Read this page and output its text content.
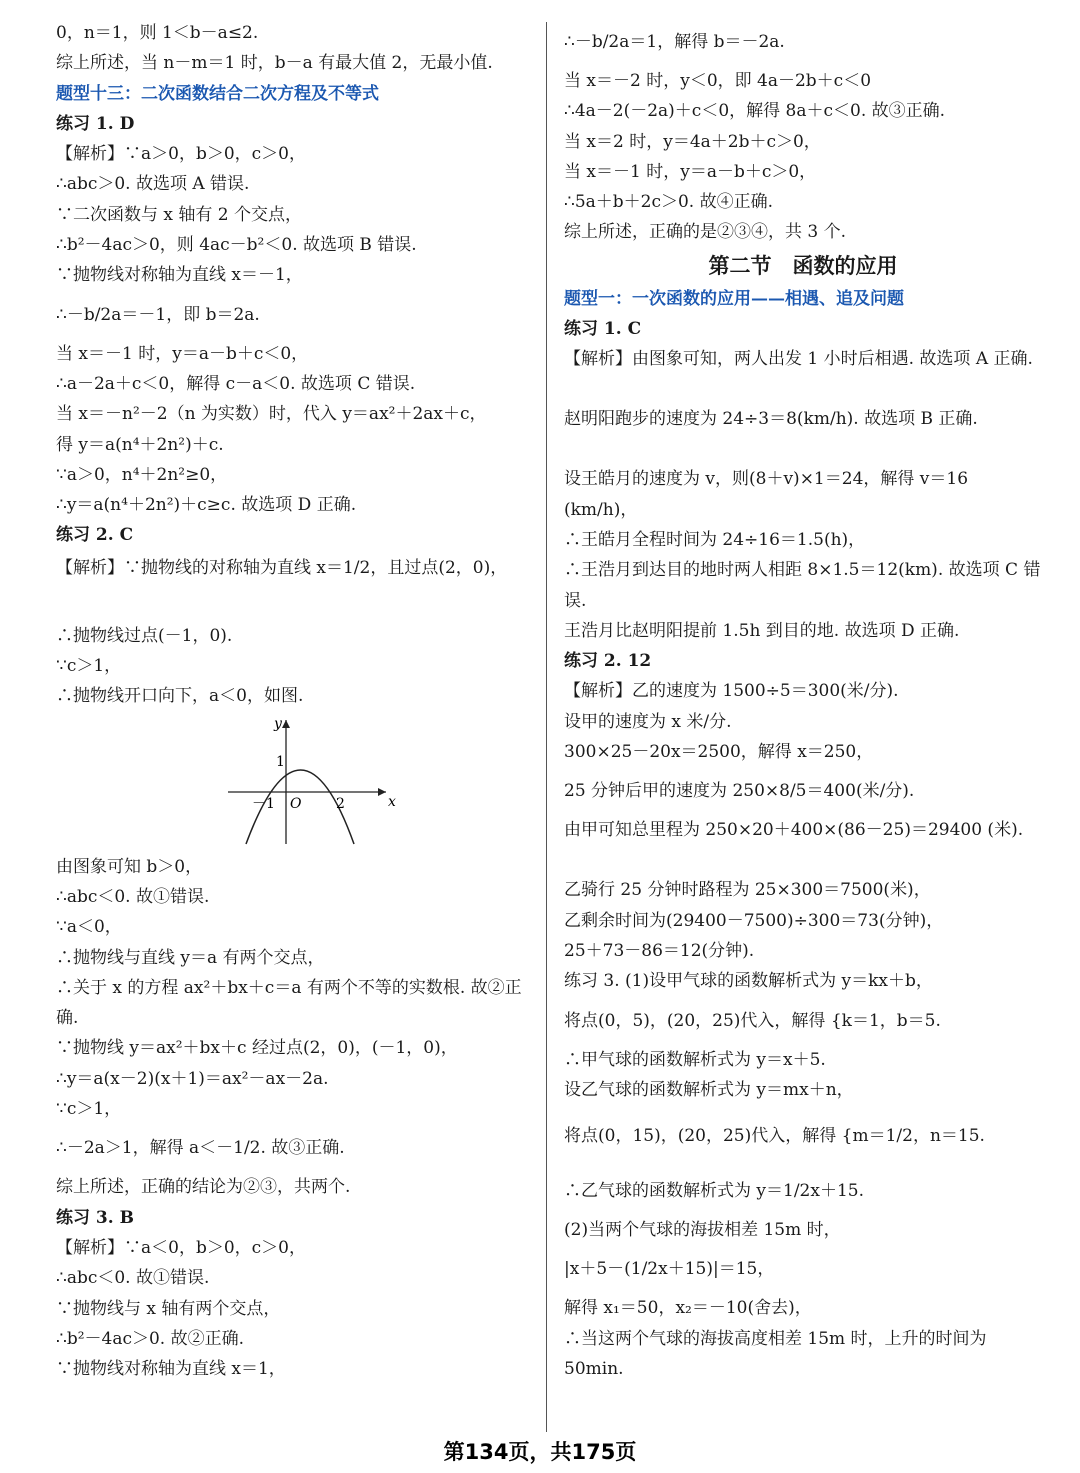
0，n＝1，则 1＜b－a≤2.
综上所述，当 n－m＝1 时，b－a 有最大值 2，无最小值.
题型十三：二次函数结合二次方程及不等式
练习 1. D
【解析】∵a＞0，b＞0，c＞0，
∴abc＞0. 故选项 A 错误.
∵二次函数与 x 轴有 2 个交点，
∴b²－4ac＞0，则 4ac－b²＜0. 故选项 B 错误.
∵抛物线对称轴为直线 x＝－1，
∴－b/2a＝－1，即 b＝2a.
当 x＝－1 时，y＝a－b＋c＜0，
∴a－2a＋c＜0，解得 c－a＜0. 故选项 C 错误.
当 x＝－n²－2（n 为实数）时，代入 y＝ax²＋2ax＋c，
得 y＝a(n⁴＋2n²)＋c.
∵a＞0，n⁴＋2n²≥0，
∴y＝a(n⁴＋2n²)＋c≥c. 故选项 D 正确.
练习 2. C
【解析】∵抛物线的对称轴为直线 x＝1/2，且过点(2，0)，
∴抛物线过点(－1，0).
∵c＞1，
∴抛物线开口向下，a＜0，如图.
y
x
O
－1
1
2
由图象可知 b＞0，
∴abc＜0. 故①错误.
∵a＜0，
∴抛物线与直线 y＝a 有两个交点，
∴关于 x 的方程 ax²＋bx＋c＝a 有两个不等的实数根. 故②正确.
∵抛物线 y＝ax²＋bx＋c 经过点(2，0)，(－1，0)，
∴y＝a(x－2)(x＋1)＝ax²－ax－2a.
∵c＞1，
∴－2a＞1，解得 a＜－1/2. 故③正确.
综上所述，正确的结论为②③，共两个.
练习 3. B
【解析】∵a＜0，b＞0，c＞0，
∴abc＜0. 故①错误.
∵抛物线与 x 轴有两个交点，
∴b²－4ac＞0. 故②正确.
∵抛物线对称轴为直线 x＝1，
∴－b/2a＝1，解得 b＝－2a.
当 x＝－2 时，y＜0，即 4a－2b＋c＜0
∴4a－2(－2a)＋c＜0，解得 8a＋c＜0. 故③正确.
当 x＝2 时，y＝4a＋2b＋c＞0，
当 x＝－1 时，y＝a－b＋c＞0，
∴5a＋b＋2c＞0. 故④正确.
综上所述，正确的是②③④，共 3 个.
第二节　函数的应用
题型一：一次函数的应用——相遇、追及问题
练习 1. C
【解析】由图象可知，两人出发 1 小时后相遇. 故选项 A 正确.
赵明阳跑步的速度为 24÷3＝8(km/h). 故选项 B 正确.
设王皓月的速度为 v，则(8＋v)×1＝24，解得 v＝16 (km/h)，
∴王皓月全程时间为 24÷16＝1.5(h)，
∴王浩月到达目的地时两人相距 8×1.5＝12(km). 故选项 C 错误.
王浩月比赵明阳提前 1.5h 到目的地. 故选项 D 正确.
练习 2. 12
【解析】乙的速度为 1500÷5＝300(米/分).
设甲的速度为 x 米/分.
300×25－20x＝2500，解得 x＝250，
25 分钟后甲的速度为 250×8/5＝400(米/分).
由甲可知总里程为 250×20＋400×(86－25)＝29400 (米).
乙骑行 25 分钟时路程为 25×300＝7500(米)，
乙剩余时间为(29400－7500)÷300＝73(分钟)，
25＋73－86＝12(分钟).
练习 3. (1)设甲气球的函数解析式为 y＝kx＋b，
将点(0，5)，(20，25)代入，解得 {k＝1，b＝5.
∴甲气球的函数解析式为 y＝x＋5.
设乙气球的函数解析式为 y＝mx＋n，
将点(0，15)，(20，25)代入，解得 {m＝1/2，n＝15.
∴乙气球的函数解析式为 y＝1/2x＋15.
(2)当两个气球的海拔相差 15m 时，
|x＋5－(1/2x＋15)|＝15，
解得 x₁＝50，x₂＝－10(舍去)，
∴当这两个气球的海拔高度相差 15m 时，上升的时间为 50min.
第134页，共175页
